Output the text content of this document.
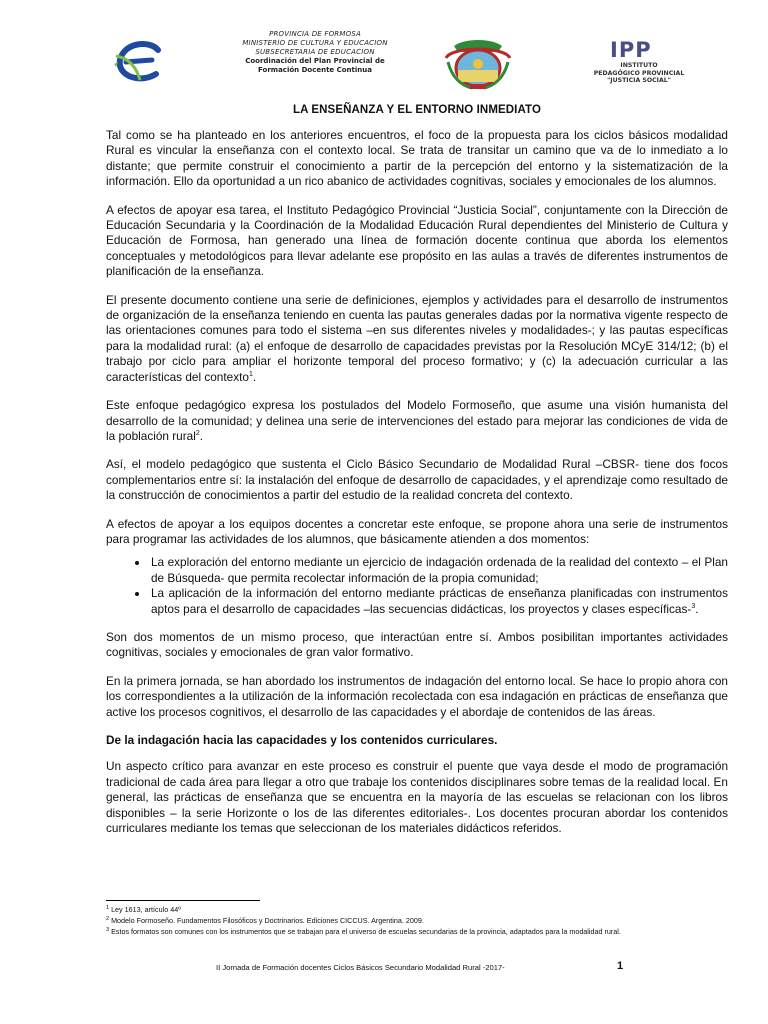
PROVINCIA DE FORMOSA
MINISTERIO DE CULTURA Y EDUCACION
SUBSECRETARIA DE EDUCACION
Coordinación del Plan Provincial de
Formación Docente Continua
IPP
INSTITUTO
PEDAGÓGICO PROVINCIAL
"JUSTICIA SOCIAL"
LA ENSEÑANZA Y EL ENTORNO INMEDIATO

Tal como se ha planteado en los anteriores encuentros, el foco de la propuesta para los ciclos básicos modalidad Rural es vincular la enseñanza con el contexto local. Se trata de transitar un camino que va de lo inmediato a lo distante; que permite construir el conocimiento a partir de la percepción del entorno y la sistematización de la información. Ello da oportunidad a un rico abanico de actividades cognitivas, sociales y emocionales de los alumnos.

A efectos de apoyar esa tarea, el Instituto Pedagógico Provincial “Justicia Social”, conjuntamente con la Dirección de Educación Secundaria y la Coordinación de la Modalidad Educación Rural dependientes del Ministerio de Cultura y Educación de Formosa, han generado una línea de formación docente continua que aborda los elementos conceptuales y metodológicos para llevar adelante ese propósito en las aulas a través de diferentes instrumentos de planificación de la enseñanza.

El presente documento contiene una serie de definiciones, ejemplos y actividades para el desarrollo de instrumentos de organización de la enseñanza teniendo en cuenta las pautas generales dadas por la normativa vigente respecto de las orientaciones comunes para todo el sistema –en sus diferentes niveles y modalidades-; y las pautas específicas para la modalidad rural: (a) el enfoque de desarrollo de capacidades previstas por la Resolución MCyE 314/12; (b) el trabajo por ciclo para ampliar el horizonte temporal del proceso formativo; y (c) la adecuación curricular a las características del contexto$^1$.

Este enfoque pedagógico expresa los postulados del Modelo Formoseño, que asume una visión humanista del desarrollo de la comunidad; y delinea una serie de intervenciones del estado para mejorar las condiciones de vida de la población rural$^2$.

Así, el modelo pedagógico que sustenta el Ciclo Básico Secundario de Modalidad Rural –CBSR- tiene dos focos complementarios entre sí: la instalación del enfoque de desarrollo de capacidades, y el aprendizaje como resultado de la construcción de conocimientos a partir del estudio de la realidad concreta del contexto.

A efectos de apoyar a los equipos docentes a concretar este enfoque, se propone ahora una serie de instrumentos para programar las actividades de los alumnos, que básicamente atienden a dos momentos:

• La exploración del entorno mediante un ejercicio de indagación ordenada de la realidad del contexto – el Plan de Búsqueda- que permita recolectar información de la propia comunidad;
• La aplicación de la información del entorno mediante prácticas de enseñanza planificadas con instrumentos aptos para el desarrollo de capacidades –las secuencias didácticas, los proyectos y clases específicas-$^3$.

Son dos momentos de un mismo proceso, que interactúan entre sí. Ambos posibilitan importantes actividades cognitivas, sociales y emocionales de gran valor formativo.

En la primera jornada, se han abordado los instrumentos de indagación del entorno local. Se hace lo propio ahora con los correspondientes a la utilización de la información recolectada con esa indagación en prácticas de enseñanza que active los procesos cognitivos, el desarrollo de las capacidades y el abordaje de contenidos de las áreas.

De la indagación hacia las capacidades y los contenidos curriculares.

Un aspecto crítico para avanzar en este proceso es construir el puente que vaya desde el modo de programación tradicional de cada área para llegar a otro que trabaje los contenidos disciplinares sobre temas de la realidad local. En general, las prácticas de enseñanza que se encuentra en la mayoría de las escuelas se relacionan con los libros disponibles – la serie Horizonte o los de las diferentes editoriales-. Los docentes procuran abordar los contenidos curriculares mediante los temas que seleccionan de los materiales didácticos referidos.

$^1$ Ley 1613, artículo 44º
$^2$ Modelo Formoseño. Fundamentos Filosóficos y Doctrinarios. Ediciones CICCUS. Argentina. 2009.
$^3$ Estos formatos son comunes con los instrumentos que se trabajan para el universo de escuelas secundarias de la provincia, adaptados para la modalidad rural.
II Jornada de Formación docentes Ciclos Básicos Secundario Modalidad Rural -2017-	1
